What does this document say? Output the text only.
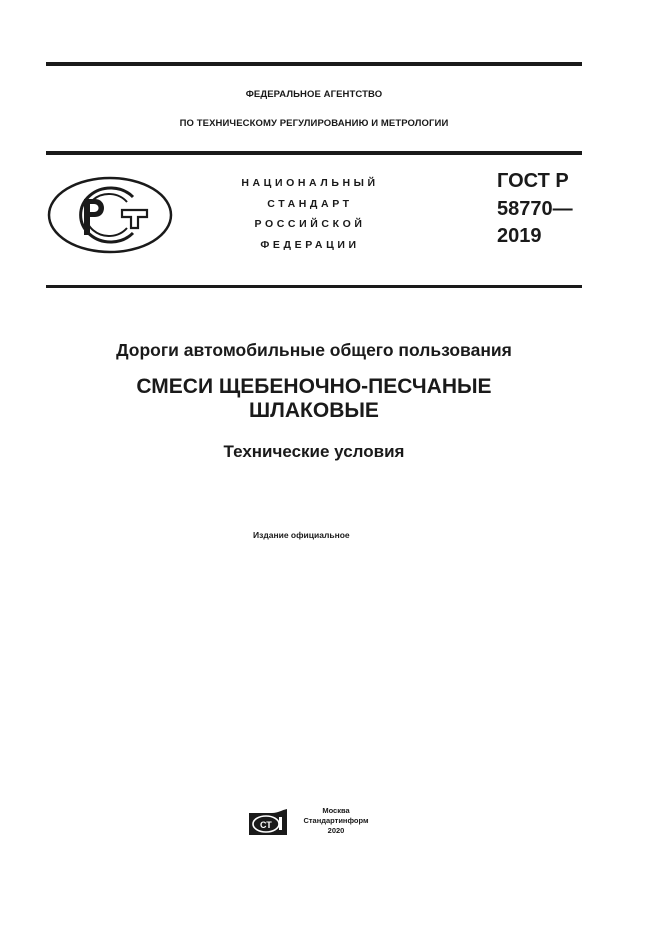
ФЕДЕРАЛЬНОЕ АГЕНТСТВО
ПО ТЕХНИЧЕСКОМУ РЕГУЛИРОВАНИЮ И МЕТРОЛОГИИ
НАЦИОНАЛЬНЫЙ
СТАНДАРТ
РОССИЙСКОЙ
ФЕДЕРАЦИИ
ГОСТ Р
58770—
2019
Дороги автомобильные общего пользования
СМЕСИ ЩЕБЕНОЧНО-ПЕСЧАНЫЕ
ШЛАКОВЫЕ
Технические условия
Издание официальное
СТ
Москва
Стандартинформ
2020
